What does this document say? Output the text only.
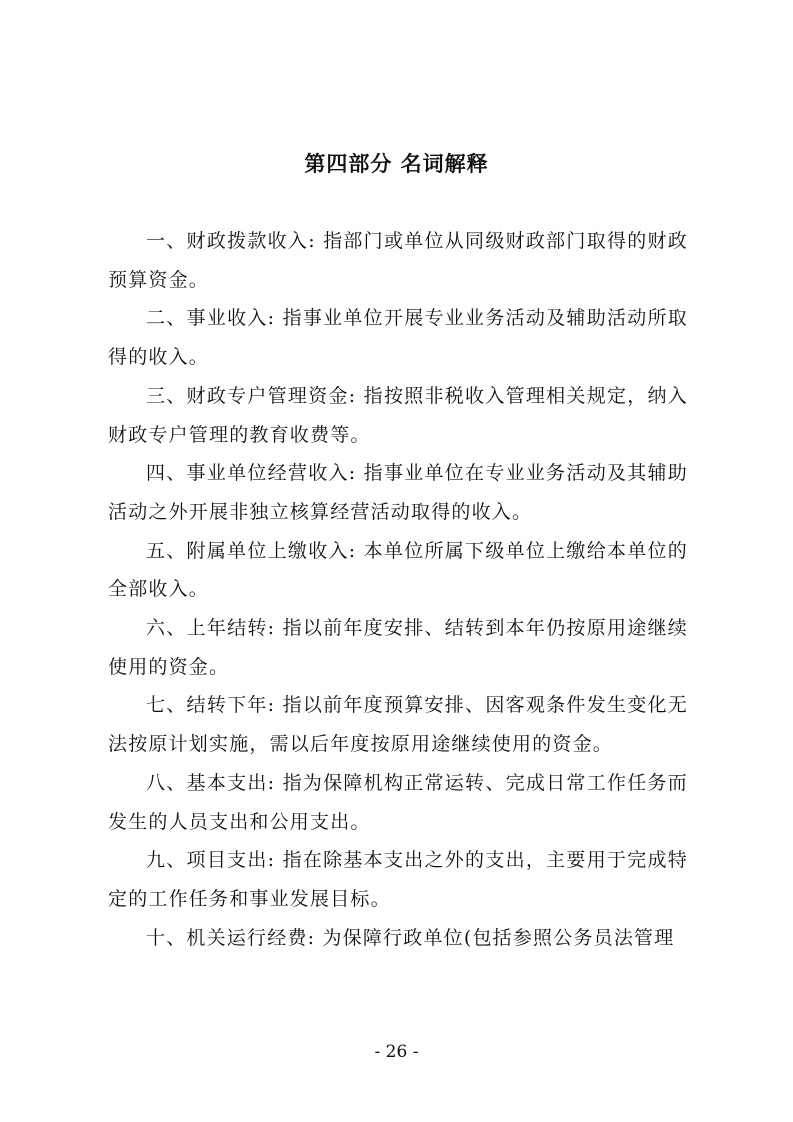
第四部分 名词解释

一、财政拨款收入: 指部门或单位从同级财政部门取得的财政预算资金。

二、事业收入: 指事业单位开展专业业务活动及辅助活动所取得的收入。

三、财政专户管理资金: 指按照非税收入管理相关规定，纳入财政专户管理的教育收费等。

四、事业单位经营收入: 指事业单位在专业业务活动及其辅助活动之外开展非独立核算经营活动取得的收入。

五、附属单位上缴收入: 本单位所属下级单位上缴给本单位的全部收入。

六、上年结转: 指以前年度安排、结转到本年仍按原用途继续使用的资金。

七、结转下年: 指以前年度预算安排、因客观条件发生变化无法按原计划实施，需以后年度按原用途继续使用的资金。

八、基本支出: 指为保障机构正常运转、完成日常工作任务而发生的人员支出和公用支出。

九、项目支出: 指在除基本支出之外的支出，主要用于完成特定的工作任务和事业发展目标。

十、机关运行经费: 为保障行政单位(包括参照公务员法管理

- 26 -
